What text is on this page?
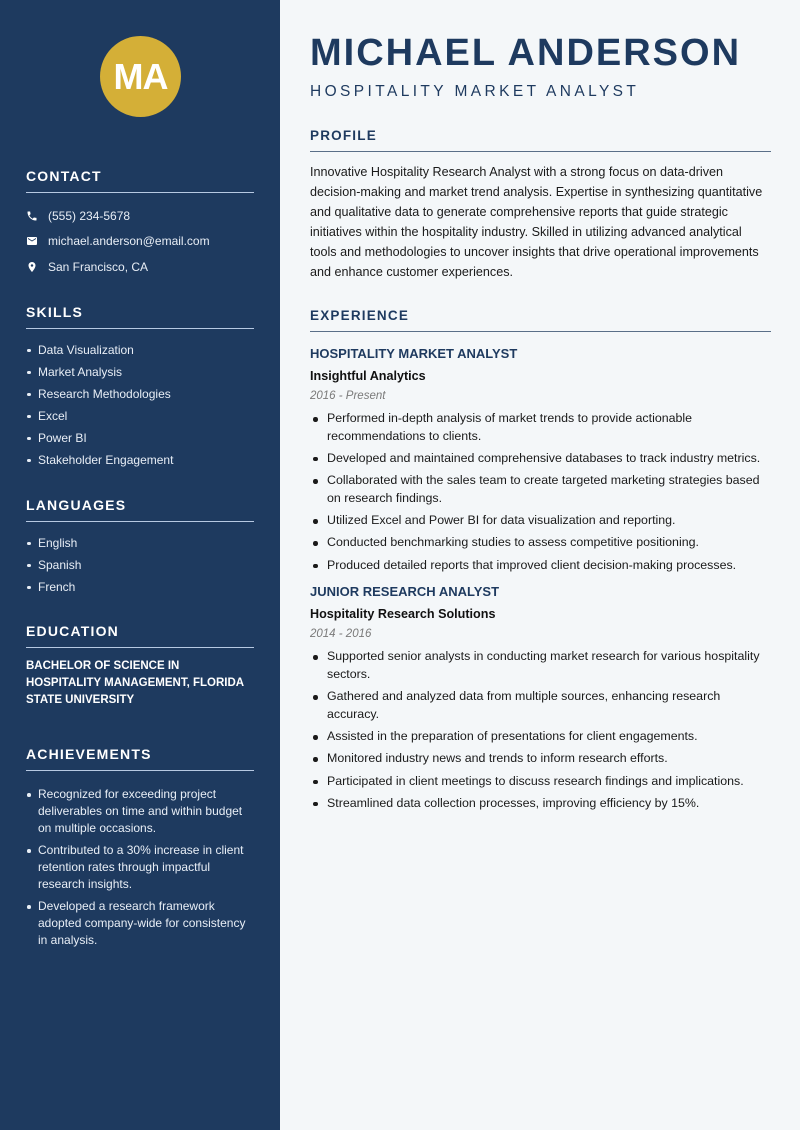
MA
CONTACT
(555) 234-5678
michael.anderson@email.com
San Francisco, CA
SKILLS
Data Visualization
Market Analysis
Research Methodologies
Excel
Power BI
Stakeholder Engagement
LANGUAGES
English
Spanish
French
EDUCATION
BACHELOR OF SCIENCE IN HOSPITALITY MANAGEMENT, FLORIDA STATE UNIVERSITY
ACHIEVEMENTS
Recognized for exceeding project deliverables on time and within budget on multiple occasions.
Contributed to a 30% increase in client retention rates through impactful research insights.
Developed a research framework adopted company-wide for consistency in analysis.
MICHAEL ANDERSON
HOSPITALITY MARKET ANALYST
PROFILE

Innovative Hospitality Research Analyst with a strong focus on data-driven decision-making and market trend analysis. Expertise in synthesizing quantitative and qualitative data to generate comprehensive reports that guide strategic initiatives within the hospitality industry. Skilled in utilizing advanced analytical tools and methodologies to uncover insights that drive operational improvements and enhance customer experiences.

EXPERIENCE
HOSPITALITY MARKET ANALYST
Insightful Analytics
2016 - Present
Performed in-depth analysis of market trends to provide actionable recommendations to clients.
Developed and maintained comprehensive databases to track industry metrics.
Collaborated with the sales team to create targeted marketing strategies based on research findings.
Utilized Excel and Power BI for data visualization and reporting.
Conducted benchmarking studies to assess competitive positioning.
Produced detailed reports that improved client decision-making processes.
JUNIOR RESEARCH ANALYST
Hospitality Research Solutions
2014 - 2016
Supported senior analysts in conducting market research for various hospitality sectors.
Gathered and analyzed data from multiple sources, enhancing research accuracy.
Assisted in the preparation of presentations for client engagements.
Monitored industry news and trends to inform research efforts.
Participated in client meetings to discuss research findings and implications.
Streamlined data collection processes, improving efficiency by 15%.
